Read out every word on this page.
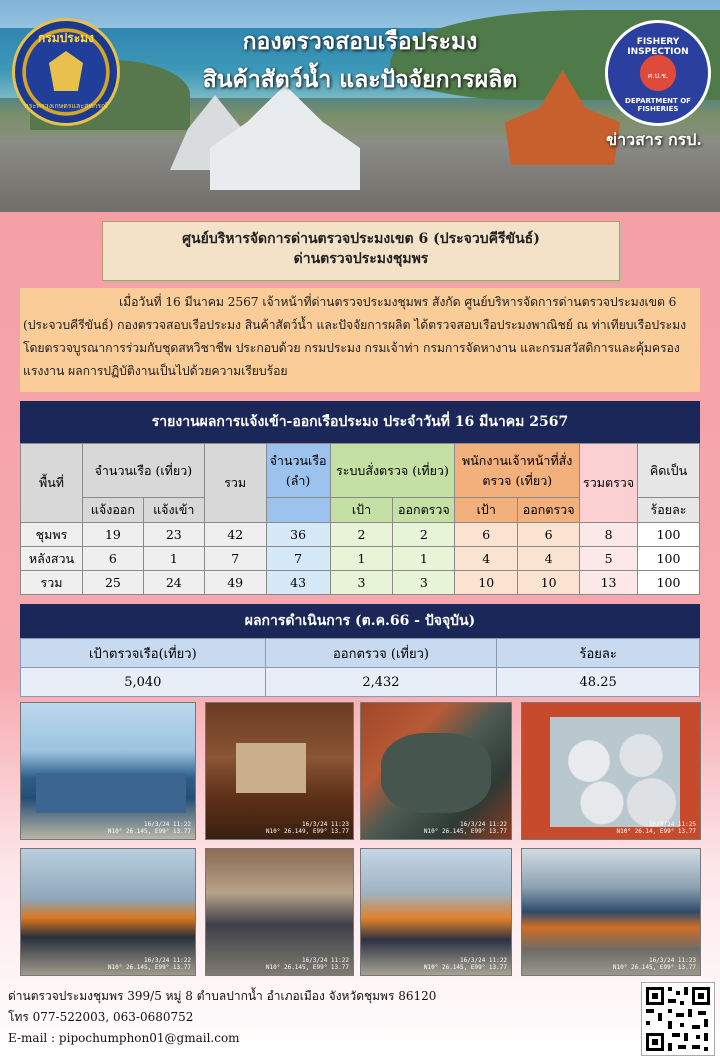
กรมประมง
กระทรวงเกษตรและสหกรณ์
FISHERY INSPECTION
ศ.ป.ช.
DEPARTMENT OF FISHERIES
กองตรวจสอบเรือประมง
สินค้าสัตว์น้ำ และปัจจัยการผลิต
ข่าวสาร กรป.
ศูนย์บริหารจัดการด่านตรวจประมงเขต 6 (ประจวบคีรีขันธ์)
ด่านตรวจประมงชุมพร
เมื่อวันที่ 16 มีนาคม 2567 เจ้าหน้าที่ด่านตรวจประมงชุมพร สังกัด ศูนย์บริหารจัดการด่านตรวจประมงเขต 6 (ประจวบคีรีขันธ์) กองตรวจสอบเรือประมง สินค้าสัตว์น้ำ และปัจจัยการผลิต ได้ตรวจสอบเรือประมงพาณิชย์ ณ ท่าเทียบเรือประมง โดยตรวจบูรณาการร่วมกับชุดสหวิชาชีพ ประกอบด้วย กรมประมง กรมเจ้าท่า กรมการจัดหางาน และกรมสวัสดิการและคุ้มครองแรงงาน ผลการปฏิบัติงานเป็นไปด้วยความเรียบร้อย
รายงานผลการแจ้งเข้า-ออกเรือประมง ประจำวันที่ 16 มีนาคม 2567
พื้นที่	จำนวนเรือ (เที่ยว)		รวม	จำนวนเรือ
(ลำ)	ระบบสั่งตรวจ (เที่ยว)		พนักงานเจ้าหน้าที่สั่งตรวจ (เที่ยว)		รวมตรวจ	คิดเป็น
	แจ้งออก	แจ้งเข้า			เป้า	ออกตรวจ	เป้า	ออกตรวจ		ร้อยละ
ชุมพร	19	23	42	36	2	2	6	6	8	100
หลังสวน	6	1	7	7	1	1	4	4	5	100
รวม	25	24	49	43	3	3	10	10	13	100
ผลการดำเนินการ (ต.ค.66 - ปัจจุบัน)
เป้าตรวจเรือ(เที่ยว)	ออกตรวจ (เที่ยว)	ร้อยละ
5,040	2,432	48.25
16/3/24 11:22
N10° 26.145, E99° 13.77
16/3/24 11:23
N10° 26.149, E99° 13.77
16/3/24 11:22
N10° 26.145, E99° 13.77
16/3/24 11:25
N10° 26.14, E99° 13.77
16/3/24 11:22
N10° 26.145, E99° 13.77
16/3/24 11:22
N10° 26.145, E99° 13.77
16/3/24 11:22
N10° 26.145, E99° 13.77
16/3/24 11:23
N10° 26.145, E99° 13.77
ด่านตรวจประมงชุมพร 399/5 หมู่ 8 ตำบลปากน้ำ อำเภอเมือง จังหวัดชุมพร 86120
โทร 077-522003, 063-0680752
E-mail : pipochumphon01@gmail.com
